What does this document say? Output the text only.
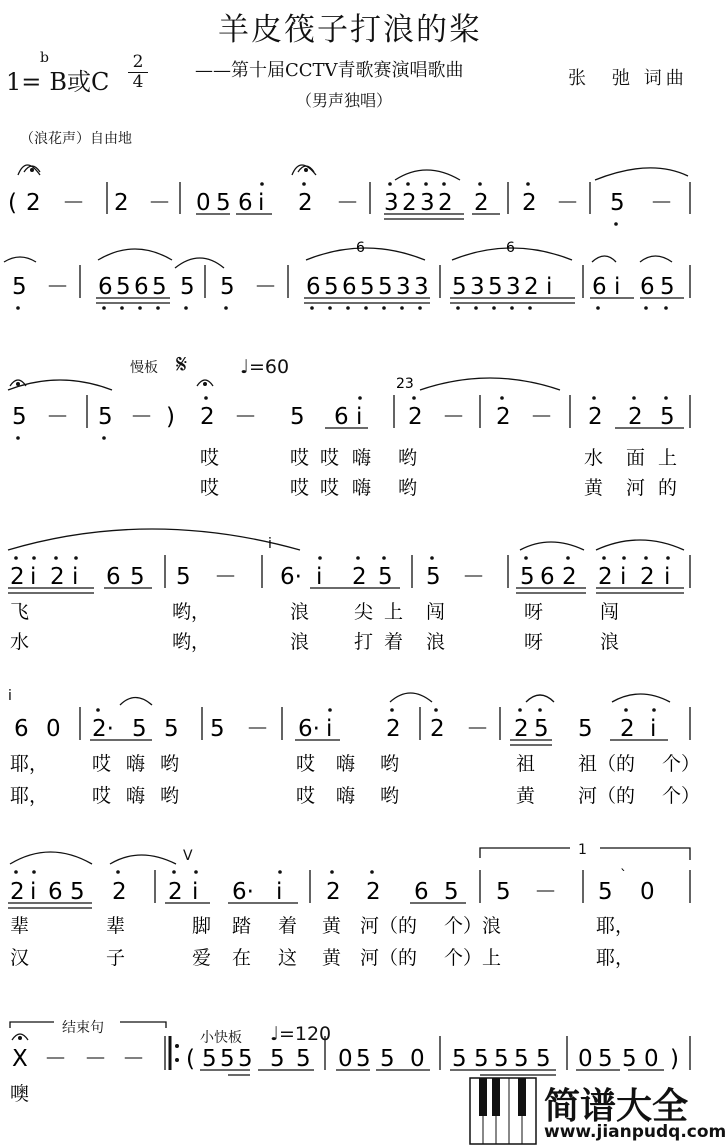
羊皮筏子打浪的桨
1=
b
B或C
2
4
——第十届CCTV青歌赛演唱歌曲	张　弛 词曲
（男声独唱）
（浪花声）自由地
慢板 𝄋	♩=60
V
结束句
小快板 ♩=120
1
( 2 － 2 － 0 5 6 i 2 － 3 2 3 2 2 2 － 5 －
5 － 6 5 6 5 5 5 － 6 5 6 5 5 3 3 5 3 5 3 2 i 6 i 6 5
6	6
5 － 5 － ) 2 － 5 6 i 2 － 2 － 2 2 5
23
哎	哎 哎 嗨 哟	水 面 上
哎	哎 哎 嗨 哟	黄 河 的
2 i 2 i 6 5 5 － 6· i 2 5 5 － 5 6 2 2 i 2 i
i
飞	哟，	浪 尖 上 闯	呀	闯
水	哟，	浪 打 着 浪	呀	浪
6 0 2· 5 5 5 － 6· i 2 2 － 2 5 5 2 i
i
耶， 哎 嗨 哟	哎 嗨 哟	祖 祖（的 个）
耶， 哎 嗨 哟	哎 嗨 哟	黄 河（的 个）
2 i 6 5 2 2 i 6· i 2 2 6 5 5 － 5
`
0
辈	辈	脚 踏 着 黄 河（的 个）浪	耶，
汉	子	爱 在 这 黄 河（的 个）上	耶，
X － － － ( 5 5 5 5 5 0 5 5 0 5 5 5 5 5 0 5 5 0 )
噢	简谱大全
www.jianpudq.com
